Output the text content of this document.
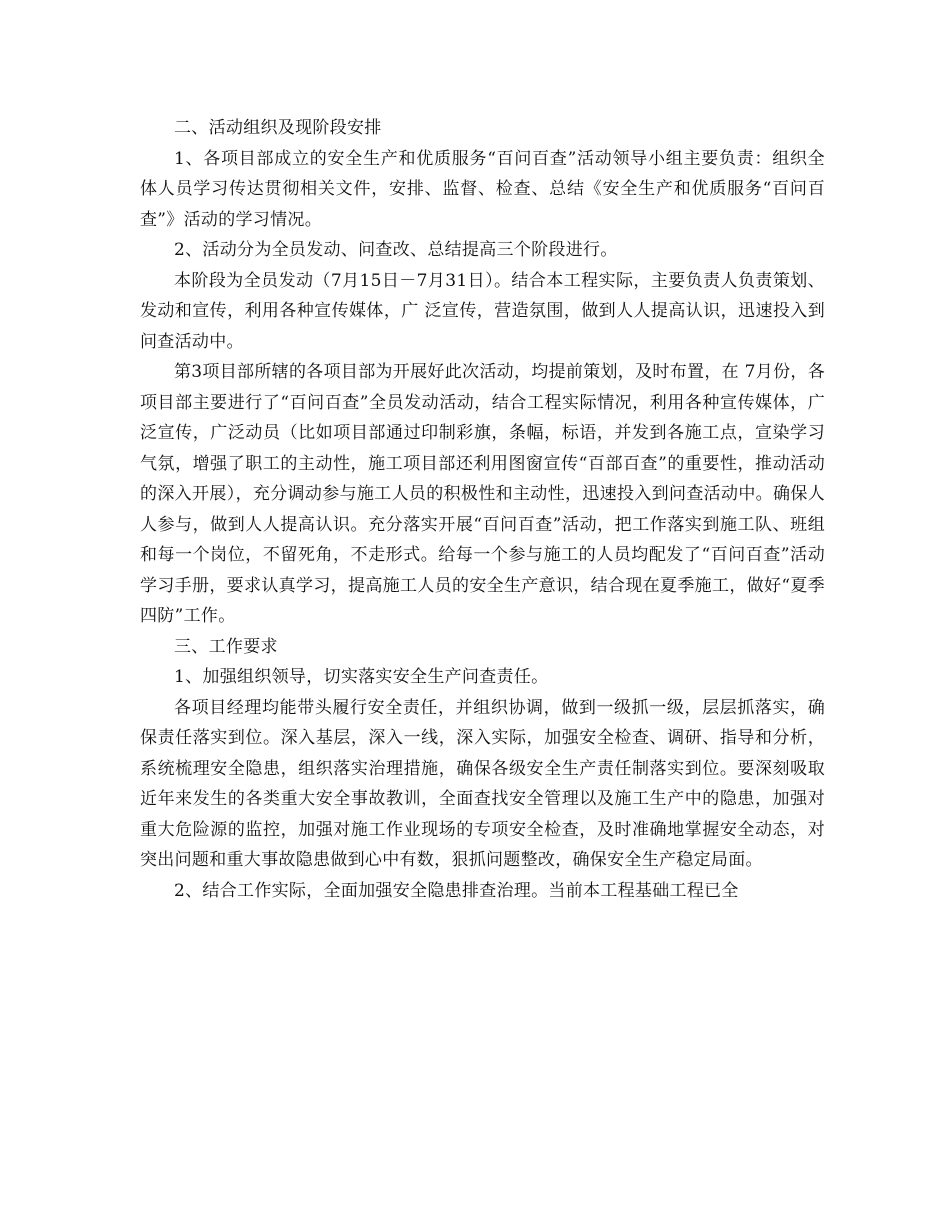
二、活动组织及现阶段安排

1、各项目部成立的安全生产和优质服务“百问百查”活动领导小组主要负责：组织全体人员学习传达贯彻相关文件，安排、监督、检查、总结《安全生产和优质服务“百问百查”》活动的学习情况。

2、活动分为全员发动、问查改、总结提高三个阶段进行。

本阶段为全员发动（7月15日－7月31日）。结合本工程实际，主要负责人负责策划、发动和宣传，利用各种宣传媒体，广 泛宣传，营造氛围，做到人人提高认识，迅速投入到问查活动中。

第3项目部所辖的各项目部为开展好此次活动，均提前策划，及时布置，在 7月份，各项目部主要进行了“百问百查”全员发动活动，结合工程实际情况，利用各种宣传媒体，广泛宣传，广泛动员（比如项目部通过印制彩旗，条幅，标语，并发到各施工点，宣染学习气氛，增强了职工的主动性，施工项目部还利用图窗宣传“百部百查”的重要性，推动活动的深入开展），充分调动参与施工人员的积极性和主动性，迅速投入到问查活动中。确保人人参与，做到人人提高认识。充分落实开展“百问百查”活动，把工作落实到施工队、班组和每一个岗位，不留死角，不走形式。给每一个参与施工的人员均配发了“百问百查”活动学习手册，要求认真学习，提高施工人员的安全生产意识，结合现在夏季施工，做好“夏季四防”工作。

三、工作要求

1、加强组织领导，切实落实安全生产问查责任。

各项目经理均能带头履行安全责任，并组织协调，做到一级抓一级，层层抓落实，确保责任落实到位。深入基层，深入一线，深入实际，加强安全检查、调研、指导和分析，系统梳理安全隐患，组织落实治理措施，确保各级安全生产责任制落实到位。要深刻吸取近年来发生的各类重大安全事故教训，全面查找安全管理以及施工生产中的隐患，加强对重大危险源的监控，加强对施工作业现场的专项安全检查，及时准确地掌握安全动态，对突出问题和重大事故隐患做到心中有数，狠抓问题整改，确保安全生产稳定局面。

2、结合工作实际，全面加强安全隐患排查治理。当前本工程基础工程已全
